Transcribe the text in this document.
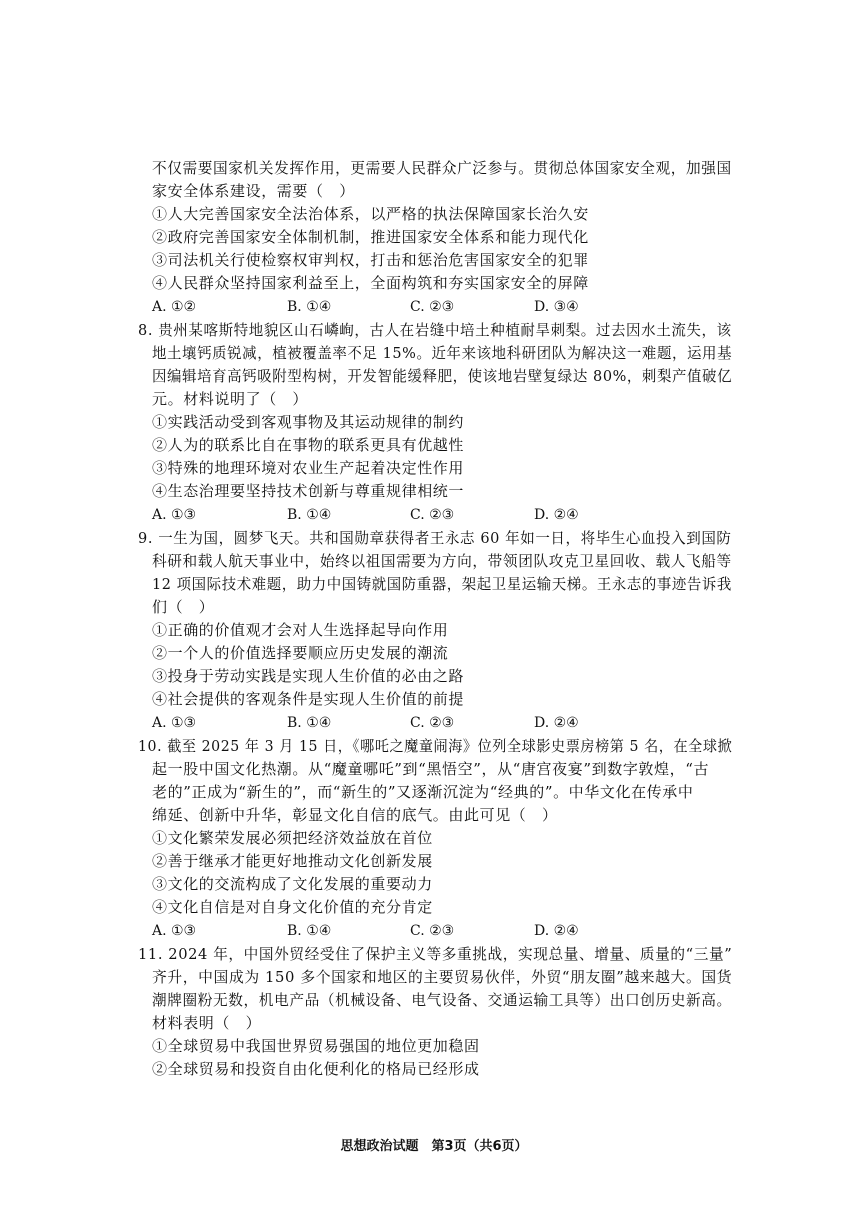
不仅需要国家机关发挥作用，更需要人民群众广泛参与。贯彻总体国家安全观，加强国
家安全体系建设，需要（　）
①人大完善国家安全法治体系，以严格的执法保障国家长治久安
②政府完善国家安全体制机制，推进国家安全体系和能力现代化
③司法机关行使检察权审判权，打击和惩治危害国家安全的犯罪
④人民群众坚持国家利益至上，全面构筑和夯实国家安全的屏障
A. ①②	B. ①④	C. ②③	D. ③④
8. 贵州某喀斯特地貌区山石嶙峋，古人在岩缝中培土种植耐旱刺梨。过去因水土流失，该
地土壤钙质锐减，植被覆盖率不足 15%。近年来该地科研团队为解决这一难题，运用基
因编辑培育高钙吸附型构树，开发智能缓释肥，使该地岩壁复绿达 80%，刺梨产值破亿
元。材料说明了（　）
①实践活动受到客观事物及其运动规律的制约
②人为的联系比自在事物的联系更具有优越性
③特殊的地理环境对农业生产起着决定性作用
④生态治理要坚持技术创新与尊重规律相统一
A. ①③	B. ①④	C. ②③	D. ②④
9. 一生为国，圆梦飞天。共和国勋章获得者王永志 60 年如一日，将毕生心血投入到国防
科研和载人航天事业中，始终以祖国需要为方向，带领团队攻克卫星回收、载人飞船等
12 项国际技术难题，助力中国铸就国防重器，架起卫星运输天梯。王永志的事迹告诉我
们（　）
①正确的价值观才会对人生选择起导向作用
②一个人的价值选择要顺应历史发展的潮流
③投身于劳动实践是实现人生价值的必由之路
④社会提供的客观条件是实现人生价值的前提
A. ①③	B. ①④	C. ②③	D. ②④
10. 截至 2025 年 3 月 15 日，《哪吒之魔童闹海》位列全球影史票房榜第 5 名，在全球掀
起一股中国文化热潮。从“魔童哪吒”到“黑悟空”，从“唐宫夜宴”到数字敦煌，“古
老的”正成为“新生的”，而“新生的”又逐渐沉淀为“经典的”。中华文化在传承中
绵延、创新中升华，彰显文化自信的底气。由此可见（　）
①文化繁荣发展必须把经济效益放在首位
②善于继承才能更好地推动文化创新发展
③文化的交流构成了文化发展的重要动力
④文化自信是对自身文化价值的充分肯定
A. ①③	B. ①④	C. ②③	D. ②④
11. 2024 年，中国外贸经受住了保护主义等多重挑战，实现总量、增量、质量的“三量”
齐升，中国成为 150 多个国家和地区的主要贸易伙伴，外贸“朋友圈”越来越大。国货
潮牌圈粉无数，机电产品（机械设备、电气设备、交通运输工具等）出口创历史新高。
材料表明（　）
①全球贸易中我国世界贸易强国的地位更加稳固
②全球贸易和投资自由化便利化的格局已经形成
思想政治试题　第3页（共6页）
